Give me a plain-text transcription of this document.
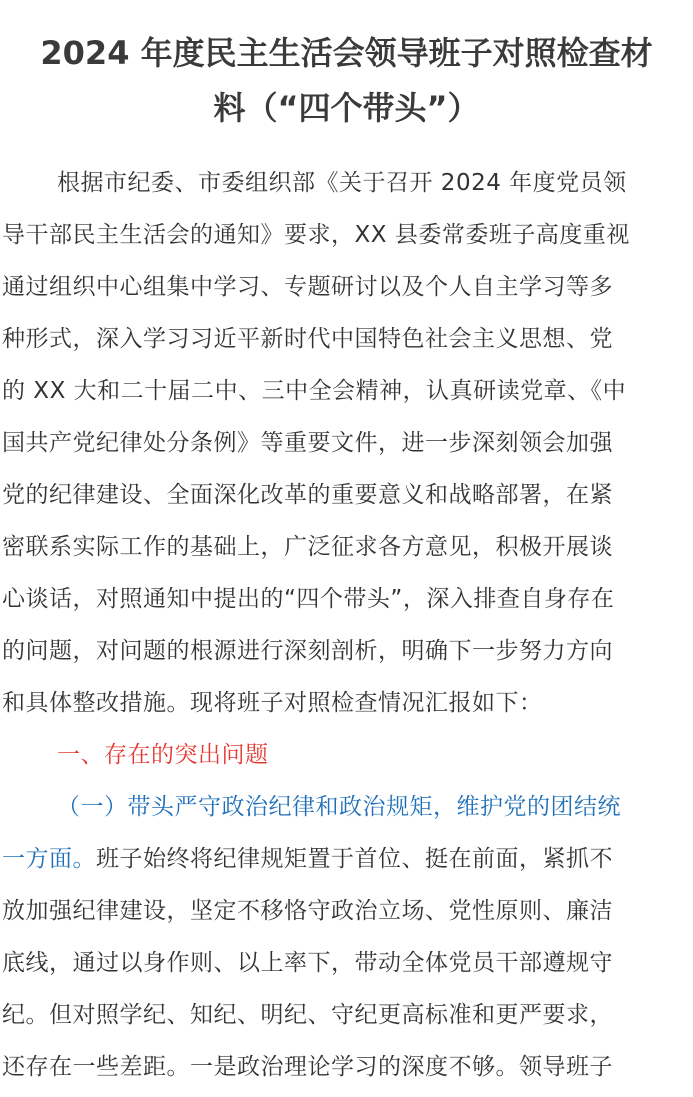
2024 年度民主生活会领导班子对照检查材
料（“四个带头”）

根据市纪委、市委组织部《关于召开 2024 年度党员领

导干部民主生活会的通知》要求，XX 县委常委班子高度重视

通过组织中心组集中学习、专题研讨以及个人自主学习等多

种形式，深入学习习近平新时代中国特色社会主义思想、党

的 XX 大和二十届二中、三中全会精神，认真研读党章、《中

国共产党纪律处分条例》等重要文件，进一步深刻领会加强

党的纪律建设、全面深化改革的重要意义和战略部署，在紧

密联系实际工作的基础上，广泛征求各方意见，积极开展谈

心谈话，对照通知中提出的“四个带头”，深入排查自身存在

的问题，对问题的根源进行深刻剖析，明确下一步努力方向

和具体整改措施。现将班子对照检查情况汇报如下：

一、存在的突出问题

（一）带头严守政治纪律和政治规矩，维护党的团结统

一方面。班子始终将纪律规矩置于首位、挺在前面，紧抓不

放加强纪律建设，坚定不移恪守政治立场、党性原则、廉洁

底线，通过以身作则、以上率下，带动全体党员干部遵规守

纪。但对照学纪、知纪、明纪、守纪更高标准和更严要求，

还存在一些差距。一是政治理论学习的深度不够。领导班子
